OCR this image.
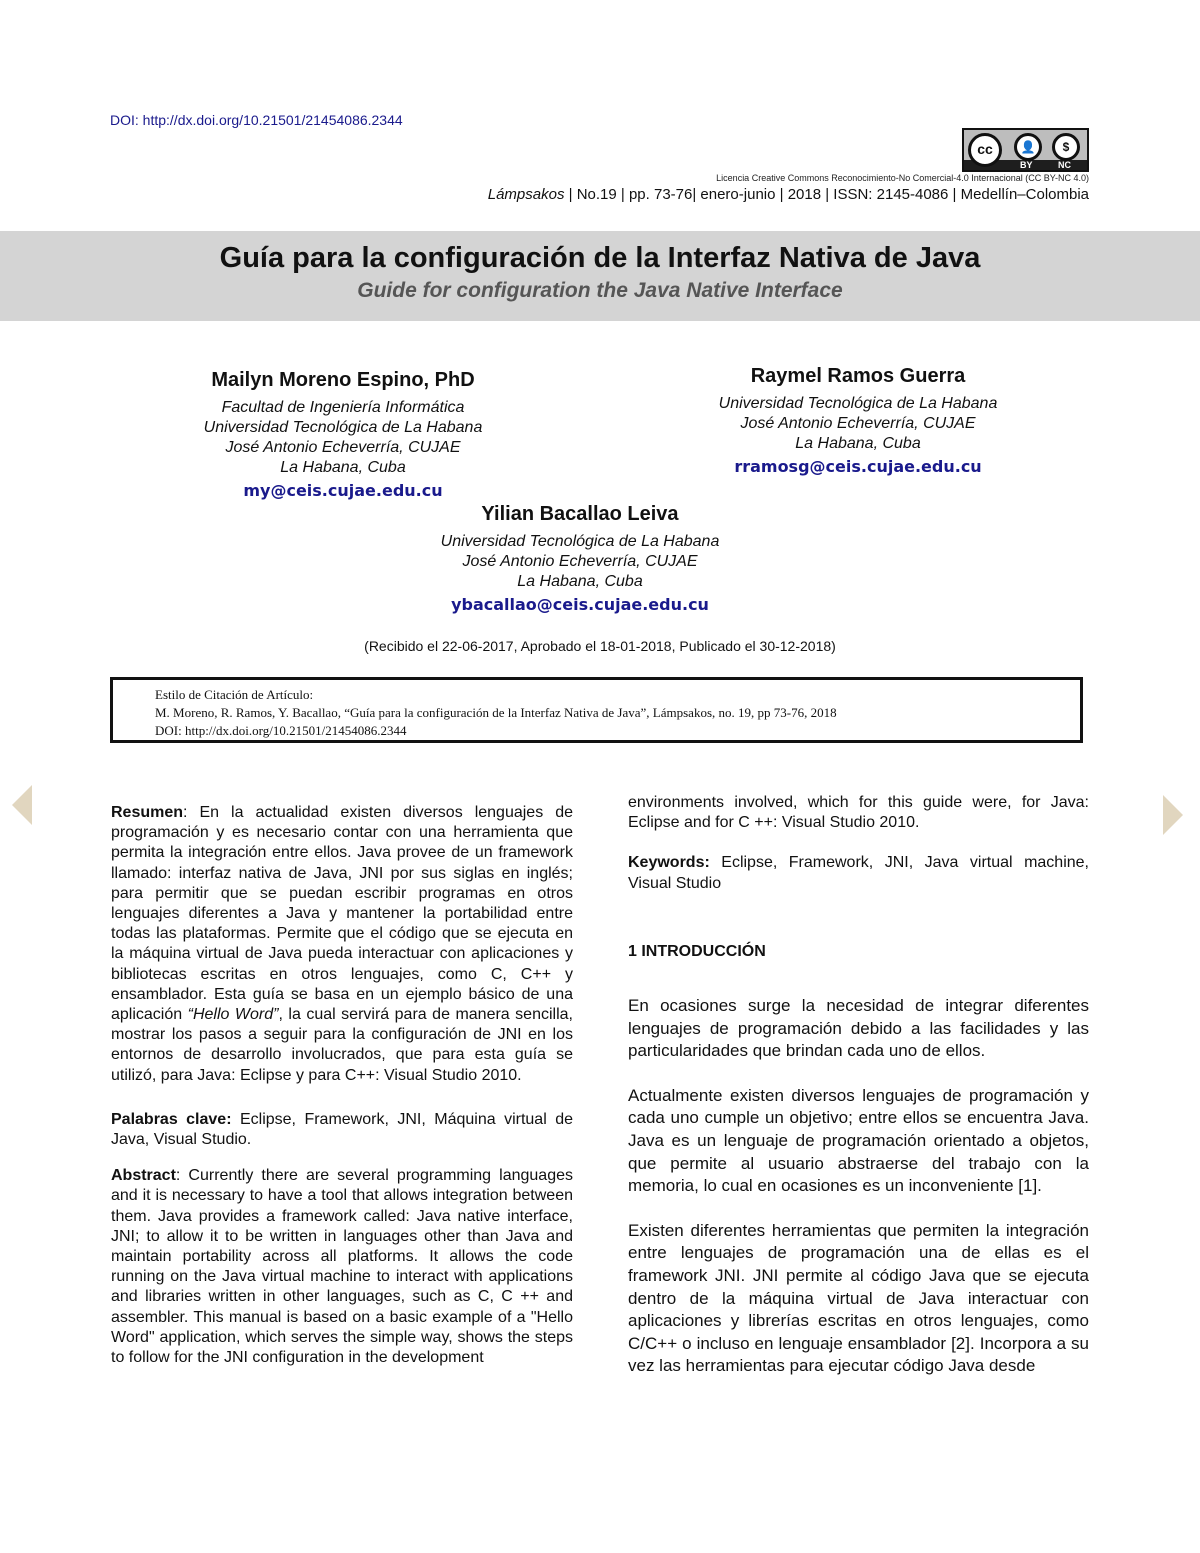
DOI: http://dx.doi.org/10.21501/21454086.2344
cc	👤	$
BY	NC
Licencia Creative Commons Reconocimiento-No Comercial-4.0 Internacional (CC BY-NC 4.0)
Lámpsakos | No.19 | pp. 73-76| enero-junio | 2018 | ISSN: 2145-4086 | Medellín–Colombia
Guía para la configuración de la Interfaz Nativa de Java
Guide for configuration the Java Native Interface
Mailyn Moreno Espino, PhD
Facultad de Ingeniería Informática
Universidad Tecnológica de La Habana
José Antonio Echeverría, CUJAE
La Habana, Cuba
my@ceis.cujae.edu.cu
Raymel Ramos Guerra
Universidad Tecnológica de La Habana
José Antonio Echeverría, CUJAE
La Habana, Cuba
rramosg@ceis.cujae.edu.cu
Yilian Bacallao Leiva
Universidad Tecnológica de La Habana
José Antonio Echeverría, CUJAE
La Habana, Cuba
ybacallao@ceis.cujae.edu.cu
(Recibido el 22-06-2017, Aprobado el 18-01-2018, Publicado el 30-12-2018)
Estilo de Citación de Artículo:
M. Moreno, R. Ramos, Y. Bacallao, “Guía para la configuración de la Interfaz Nativa de Java”, Lámpsakos, no. 19, pp 73-76, 2018
DOI: http://dx.doi.org/10.21501/21454086.2344

Resumen: En la actualidad existen diversos lenguajes de programación y es necesario contar con una herramienta que permita la integración entre ellos. Java provee de un framework llamado: interfaz nativa de Java, JNI por sus siglas en inglés; para permitir que se puedan escribir programas en otros lenguajes diferentes a Java y mantener la portabilidad entre todas las plataformas. Permite que el código que se ejecuta en la máquina virtual de Java pueda interactuar con aplicaciones y bibliotecas escritas en otros lenguajes, como C, C++ y ensamblador. Esta guía se basa en un ejemplo básico de una aplicación “Hello Word”, la cual servirá para de manera sencilla, mostrar los pasos a seguir para la configuración de JNI en los entornos de desarrollo involucrados, que para esta guía se utilizó, para Java: Eclipse y para C++: Visual Studio 2010.

Palabras clave: Eclipse, Framework, JNI, Máquina virtual de Java, Visual Studio.

Abstract: Currently there are several programming languages and it is necessary to have a tool that allows integration between them. Java provides a framework called: Java native interface, JNI; to allow it to be written in languages other than Java and maintain portability across all platforms. It allows the code running on the Java virtual machine to interact with applications and libraries written in other languages, such as C, C ++ and assembler. This manual is based on a basic example of a "Hello Word" application, which serves the simple way, shows the steps to follow for the JNI configuration in the development

environments involved, which for this guide were, for Java: Eclipse and for C ++: Visual Studio 2010.

Keywords: Eclipse, Framework, JNI, Java virtual machine, Visual Studio

1 INTRODUCCIÓN

En ocasiones surge la necesidad de integrar diferentes lenguajes de programación debido a las facilidades y las particularidades que brindan cada uno de ellos.

Actualmente existen diversos lenguajes de programación y cada uno cumple un objetivo; entre ellos se encuentra Java. Java es un lenguaje de programación orientado a objetos, que permite al usuario abstraerse del trabajo con la memoria, lo cual en ocasiones es un inconveniente [1].

Existen diferentes herramientas que permiten la integración entre lenguajes de programación una de ellas es el framework JNI. JNI permite al código Java que se ejecuta dentro de la máquina virtual de Java interactuar con aplicaciones y librerías escritas en otros lenguajes, como C/C++ o incluso en lenguaje ensamblador [2]. Incorpora a su vez las herramientas para ejecutar código Java desde
